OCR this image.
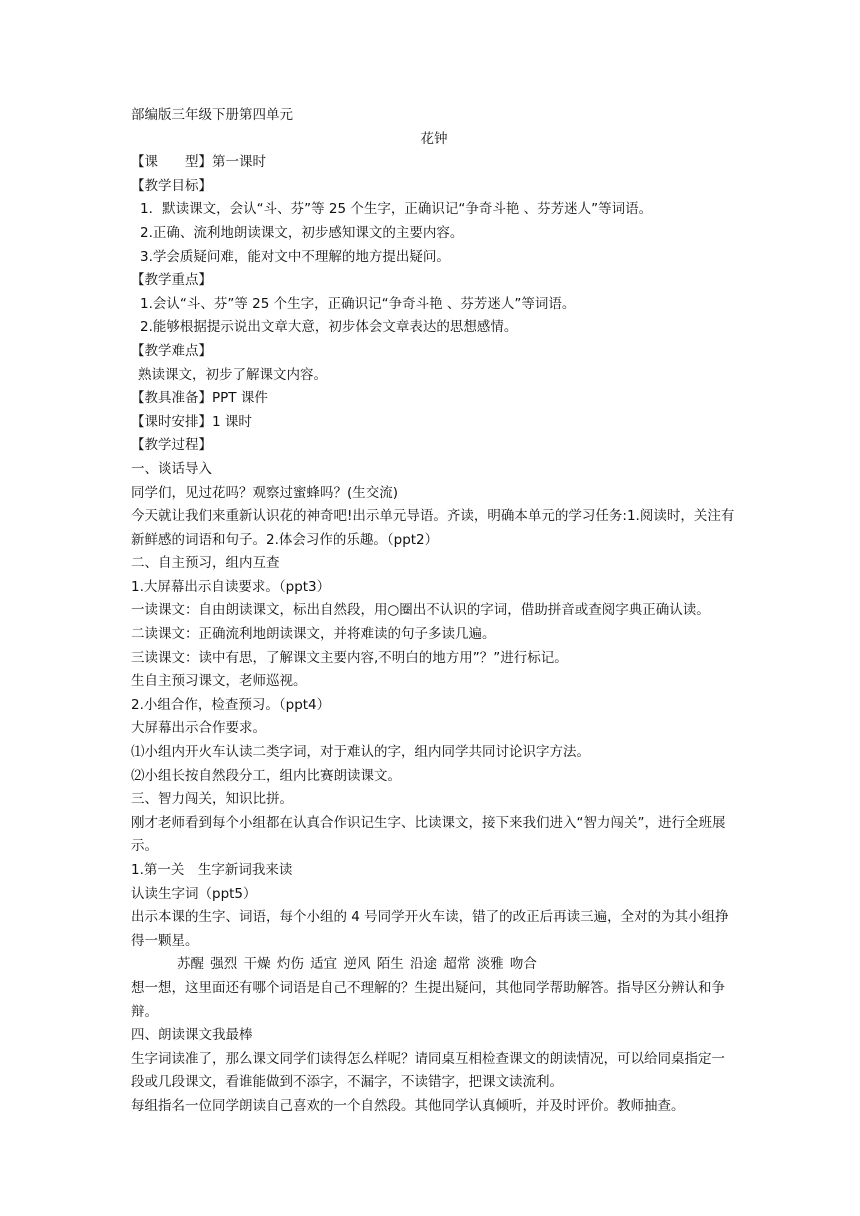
部编版三年级下册第四单元
花钟
【课　　型】第一课时
【教学目标】
1．默读课文，会认“斗、芬”等 25 个生字，正确识记“争奇斗艳 、芬芳迷人”等词语。
2.正确、流利地朗读课文，初步感知课文的主要内容。
3.学会质疑问难，能对文中不理解的地方提出疑问。
【教学重点】
1.会认“斗、芬”等 25 个生字，正确识记“争奇斗艳 、芬芳迷人”等词语。
2.能够根据提示说出文章大意，初步体会文章表达的思想感情。
【教学难点】
熟读课文，初步了解课文内容。
【教具准备】PPT 课件
【课时安排】1 课时
【教学过程】
一、谈话导入
同学们，见过花吗？观察过蜜蜂吗？(生交流)
今天就让我们来重新认识花的神奇吧!出示单元导语。齐读，明确本单元的学习任务:1.阅读时，关注有新鲜感的词语和句子。2.体会习作的乐趣。（ppt2）
二、自主预习，组内互查
1.大屏幕出示自读要求。（ppt3）
一读课文：自由朗读课文，标出自然段，用○圈出不认识的字词，借助拼音或查阅字典正确认读。
二读课文：正确流利地朗读课文，并将难读的句子多读几遍。
三读课文：读中有思，了解课文主要内容,不明白的地方用”？”进行标记。
生自主预习课文，老师巡视。
2.小组合作，检查预习。（ppt4）
大屏幕出示合作要求。
⑴小组内开火车认读二类字词，对于难认的字，组内同学共同讨论识字方法。
⑵小组长按自然段分工，组内比赛朗读课文。
三、智力闯关，知识比拼。
刚才老师看到每个小组都在认真合作识记生字、比读课文，接下来我们进入“智力闯关”，进行全班展示。
1.第一关　生字新词我来读
认读生字词（ppt5）
出示本课的生字、词语，每个小组的 4 号同学开火车读，错了的改正后再读三遍，全对的为其小组挣得一颗星。
苏醒 强烈 干燥 灼伤 适宜 逆风 陌生 沿途 超常 淡雅 吻合
想一想，这里面还有哪个词语是自己不理解的？生提出疑问，其他同学帮助解答。指导区分辨认和争辩。
四、朗读课文我最棒
生字词读准了，那么课文同学们读得怎么样呢？请同桌互相检查课文的朗读情况，可以给同桌指定一段或几段课文，看谁能做到不添字，不漏字，不读错字，把课文读流利。
每组指名一位同学朗读自己喜欢的一个自然段。其他同学认真倾听，并及时评价。教师抽查。
